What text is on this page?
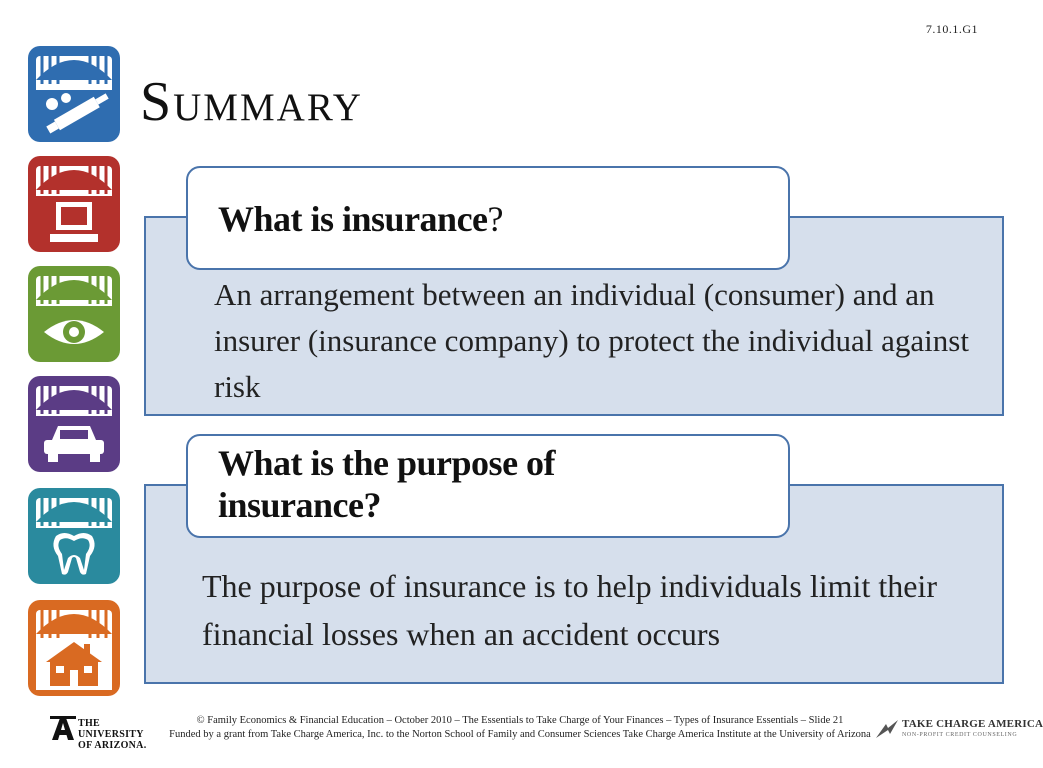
7.10.1.G1
Summary
What is insurance?
An arrangement between an individual (consumer) and an insurer (insurance company) to protect the individual against risk
What is the purpose of insurance?
The purpose of insurance is to help individuals limit their financial losses when an accident occurs
THE UNIVERSITY
OF ARIZONA.
© Family Economics & Financial Education – October 2010 – The Essentials to Take Charge of Your Finances – Types of Insurance Essentials – Slide 21
Funded by a grant from Take Charge America, Inc. to the Norton School of Family and Consumer Sciences Take Charge America Institute at the University of Arizona
TAKE CHARGE AMERICA
NON-PROFIT CREDIT COUNSELING
